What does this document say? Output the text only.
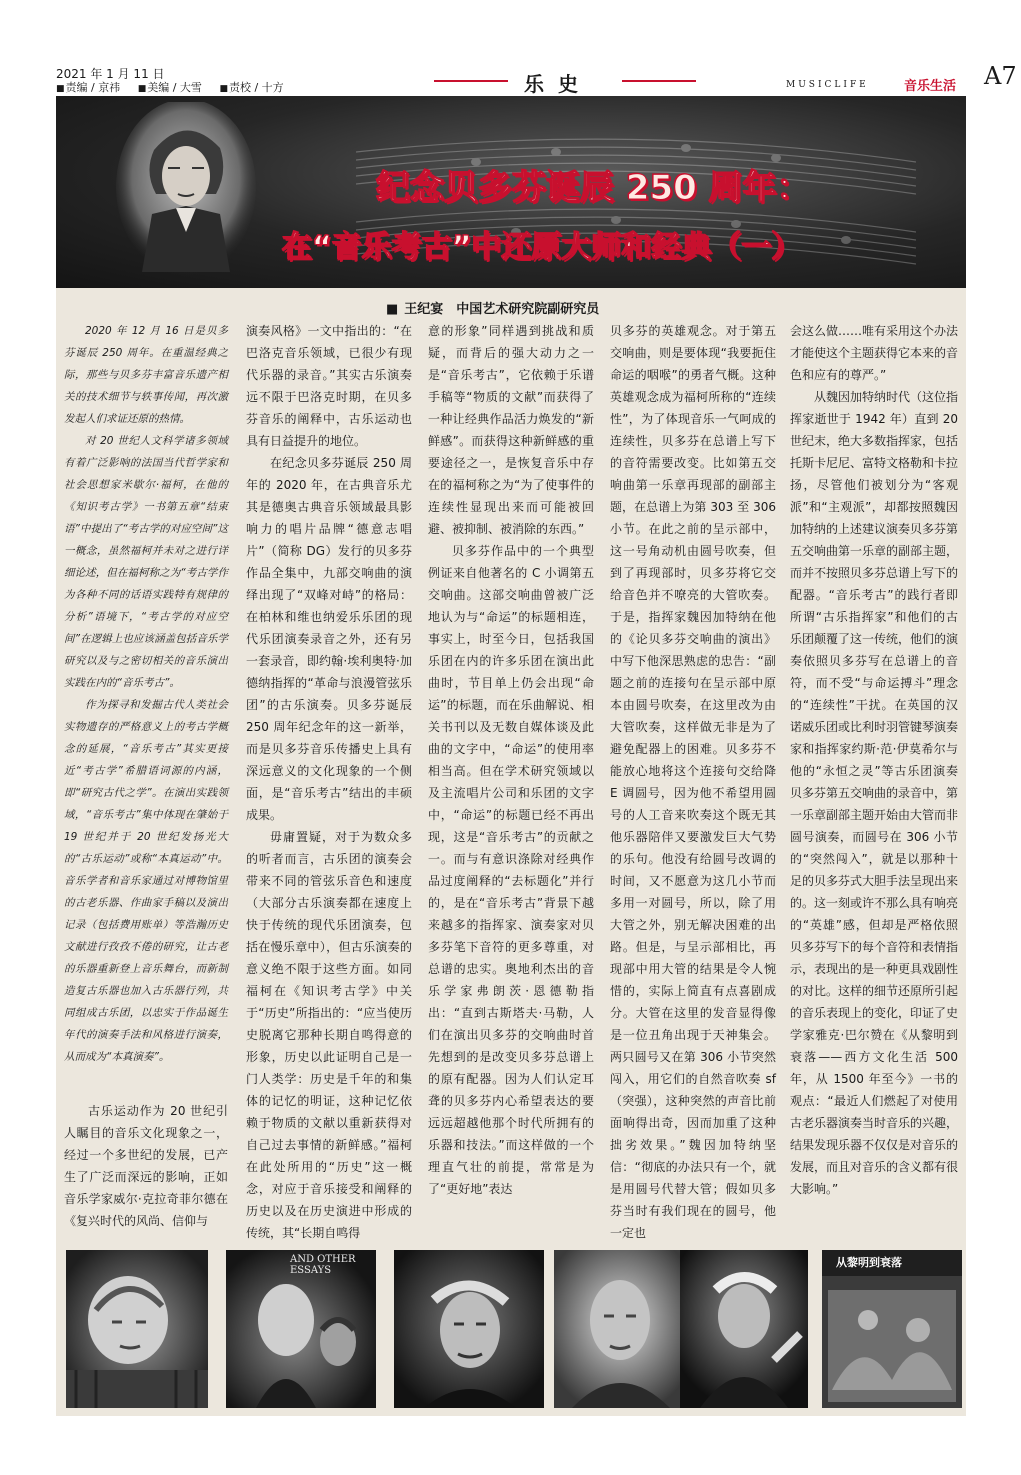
2021 年 1 月 11 日
■ 责编 / 京祎 ■ 美编 / 大雪 ■ 责校 / 十方	乐史	MUSICLIFE	音乐生活	A7
纪念贝多芬诞辰 250 周年：
在“音乐考古”中还原大师和经典（一）
■ 王纪宴　中国艺术研究院副研究员

2020 年 12 月 16 日是贝多芬诞辰 250 周年。在重温经典之际，那些与贝多芬丰富音乐遗产相关的技术细节与轶事传闻，再次激发起人们求证还原的热情。

对 20 世纪人文科学诸多领域有着广泛影响的法国当代哲学家和社会思想家米歇尔·福柯，在他的《知识考古学》一书第五章“结束语”中提出了“考古学的对应空间”这一概念，虽然福柯并未对之进行详细论述，但在福柯称之为“考古学作为各种不同的话语实践特有规律的分析”语境下，“考古学的对应空间”在逻辑上也应该涵盖包括音乐学研究以及与之密切相关的音乐演出实践在内的“音乐考古”。

作为探寻和发掘古代人类社会实物遗存的严格意义上的考古学概念的延展，“音乐考古”其实更接近“考古学”希腊语词源的内涵，即“研究古代之学”。在演出实践领域，“音乐考古”集中体现在肇始于 19 世纪并于 20 世纪发扬光大的“古乐运动”或称“本真运动”中。音乐学者和音乐家通过对博物馆里的古老乐器、作曲家手稿以及演出记录（包括费用账单）等浩瀚历史文献进行孜孜不倦的研究，让古老的乐器重新登上音乐舞台，而新制造复古乐器也加入古乐器行列，共同组成古乐团，以忠实于作品诞生年代的演奏手法和风格进行演奏，从而成为“本真演奏”。

古乐运动作为 20 世纪引人瞩目的音乐文化现象之一，经过一个多世纪的发展，已产生了广泛而深远的影响，正如音乐学家威尔·克拉奇菲尔德在《复兴时代的风尚、信仰与

演奏风格》一文中指出的：“在巴洛克音乐领域，已很少有现代乐器的录音。”其实古乐演奏远不限于巴洛克时期，在贝多芬音乐的阐释中，古乐运动也具有日益提升的地位。

在纪念贝多芬诞辰 250 周年的 2020 年，在古典音乐尤其是德奥古典音乐领域最具影响力的唱片品牌“德意志唱片”（简称 DG）发行的贝多芬作品全集中，九部交响曲的演绎出现了“双峰对峙”的格局：在柏林和维也纳爱乐乐团的现代乐团演奏录音之外，还有另一套录音，即约翰·埃利奥特·加德纳指挥的“革命与浪漫管弦乐团”的古乐演奏。贝多芬诞辰 250 周年纪念年的这一新举，而是贝多芬音乐传播史上具有深远意义的文化现象的一个侧面，是“音乐考古”结出的丰硕成果。

毋庸置疑，对于为数众多的听者而言，古乐团的演奏会带来不同的管弦乐音色和速度（大部分古乐演奏都在速度上快于传统的现代乐团演奏，包括在慢乐章中），但古乐演奏的意义绝不限于这些方面。如同福柯在《知识考古学》中关于“历史”所指出的：“应当使历史脱离它那种长期自鸣得意的形象，历史以此证明自己是一门人类学：历史是千年的和集体的记忆的明证，这种记忆依赖于物质的文献以重新获得对自己过去事情的新鲜感。”福柯在此处所用的“历史”这一概念，对应于音乐接受和阐释的历史以及在历史演进中形成的传统，其“长期自鸣得

意的形象”同样遇到挑战和质疑，而背后的强大动力之一是“音乐考古”，它依赖于乐谱手稿等“物质的文献”而获得了一种让经典作品活力焕发的“新鲜感”。而获得这种新鲜感的重要途径之一，是恢复音乐中存在的福柯称之为“为了使事件的连续性显现出来而可能被回避、被抑制、被消除的东西。”

贝多芬作品中的一个典型例证来自他著名的 C 小调第五交响曲。这部交响曲曾被广泛地认为与“命运”的标题相连，事实上，时至今日，包括我国乐团在内的许多乐团在演出此曲时，节目单上仍会出现“命运”的标题，而在乐曲解说、相关书刊以及无数自媒体谈及此曲的文字中，“命运”的使用率相当高。但在学术研究领域以及主流唱片公司和乐团的文字中，“命运”的标题已经不再出现，这是“音乐考古”的贡献之一。而与有意识涤除对经典作品过度阐释的“去标题化”并行的，是在“音乐考古”背景下越来越多的指挥家、演奏家对贝多芬笔下音符的更多尊重，对总谱的忠实。奥地利杰出的音乐学家弗朗茨·恩德勒指出：“直到古斯塔夫·马勒，人们在演出贝多芬的交响曲时首先想到的是改变贝多芬总谱上的原有配器。因为人们认定耳聋的贝多芬内心希望表达的要远远超越他那个时代所拥有的乐器和技法。”而这样做的一个理直气壮的前提，常常是为了“更好地”表达

贝多芬的英雄观念。对于第五交响曲，则是要体现“我要扼住命运的咽喉”的勇者气概。这种英雄观念成为福柯所称的“连续性”，为了体现音乐一气呵成的连续性，贝多芬在总谱上写下的音符需要改变。比如第五交响曲第一乐章再现部的副部主题，在总谱上为第 303 至 306 小节。在此之前的呈示部中，这一号角动机由圆号吹奏，但到了再现部时，贝多芬将它交给音色并不嘹亮的大管吹奏。于是，指挥家魏因加特纳在他的《论贝多芬交响曲的演出》中写下他深思熟虑的忠告：“副题之前的连接句在呈示部中原本由圆号吹奏，在这里改为由大管吹奏，这样做无非是为了避免配器上的困难。贝多芬不能放心地将这个连接句交给降 E 调圆号，因为他不希望用圆号的人工音来吹奏这个既无其他乐器陪伴又要激发巨大气势的乐句。他没有给圆号改调的时间，又不愿意为这几小节而多用一对圆号，所以，除了用大管之外，别无解决困难的出路。但是，与呈示部相比，再现部中用大管的结果是令人惋惜的，实际上简直有点喜剧成分。大管在这里的发音显得像是一位丑角出现于天神集会。两只圆号又在第 306 小节突然闯入，用它们的自然音吹奏 sf（突强），这种突然的声音比前面响得出奇，因而加重了这种拙劣效果。”魏因加特纳坚信：“彻底的办法只有一个，就是用圆号代替大管；假如贝多芬当时有我们现在的圆号，他一定也

会这么做……唯有采用这个办法才能使这个主题获得它本来的音色和应有的尊严。”

从魏因加特纳时代（这位指挥家逝世于 1942 年）直到 20 世纪末，绝大多数指挥家，包括托斯卡尼尼、富特文格勒和卡拉扬，尽管他们被划分为“客观派”和“主观派”，却都按照魏因加特纳的上述建议演奏贝多芬第五交响曲第一乐章的副部主题，而并不按照贝多芬总谱上写下的配器。“音乐考古”的践行者即所谓“古乐指挥家”和他们的古乐团颠覆了这一传统，他们的演奏依照贝多芬写在总谱上的音符，而不受“与命运搏斗”理念的“连续性”干扰。在英国的汉诺威乐团或比利时羽管键琴演奏家和指挥家约斯·范·伊莫希尔与他的“永恒之灵”等古乐团演奏贝多芬第五交响曲的录音中，第一乐章副部主题开始由大管而非圆号演奏，而圆号在 306 小节的“突然闯入”，就是以那种十足的贝多芬式大胆手法呈现出来的。这一刻或许不那么具有响亮的“英雄”感，但却是严格依照贝多芬写下的每个音符和表情指示，表现出的是一种更具戏剧性的对比。这样的细节还原所引起的音乐表现上的变化，印证了史学家雅克·巴尔赞在《从黎明到衰落——西方文化生活 500 年，从 1500 年至今》一书的观点：“最近人们燃起了对使用古老乐器演奏当时音乐的兴趣，结果发现乐器不仅仅是对音乐的发展，而且对音乐的含义都有很大影响。”

AND OTHER ESSAYS
从黎明到衰落
